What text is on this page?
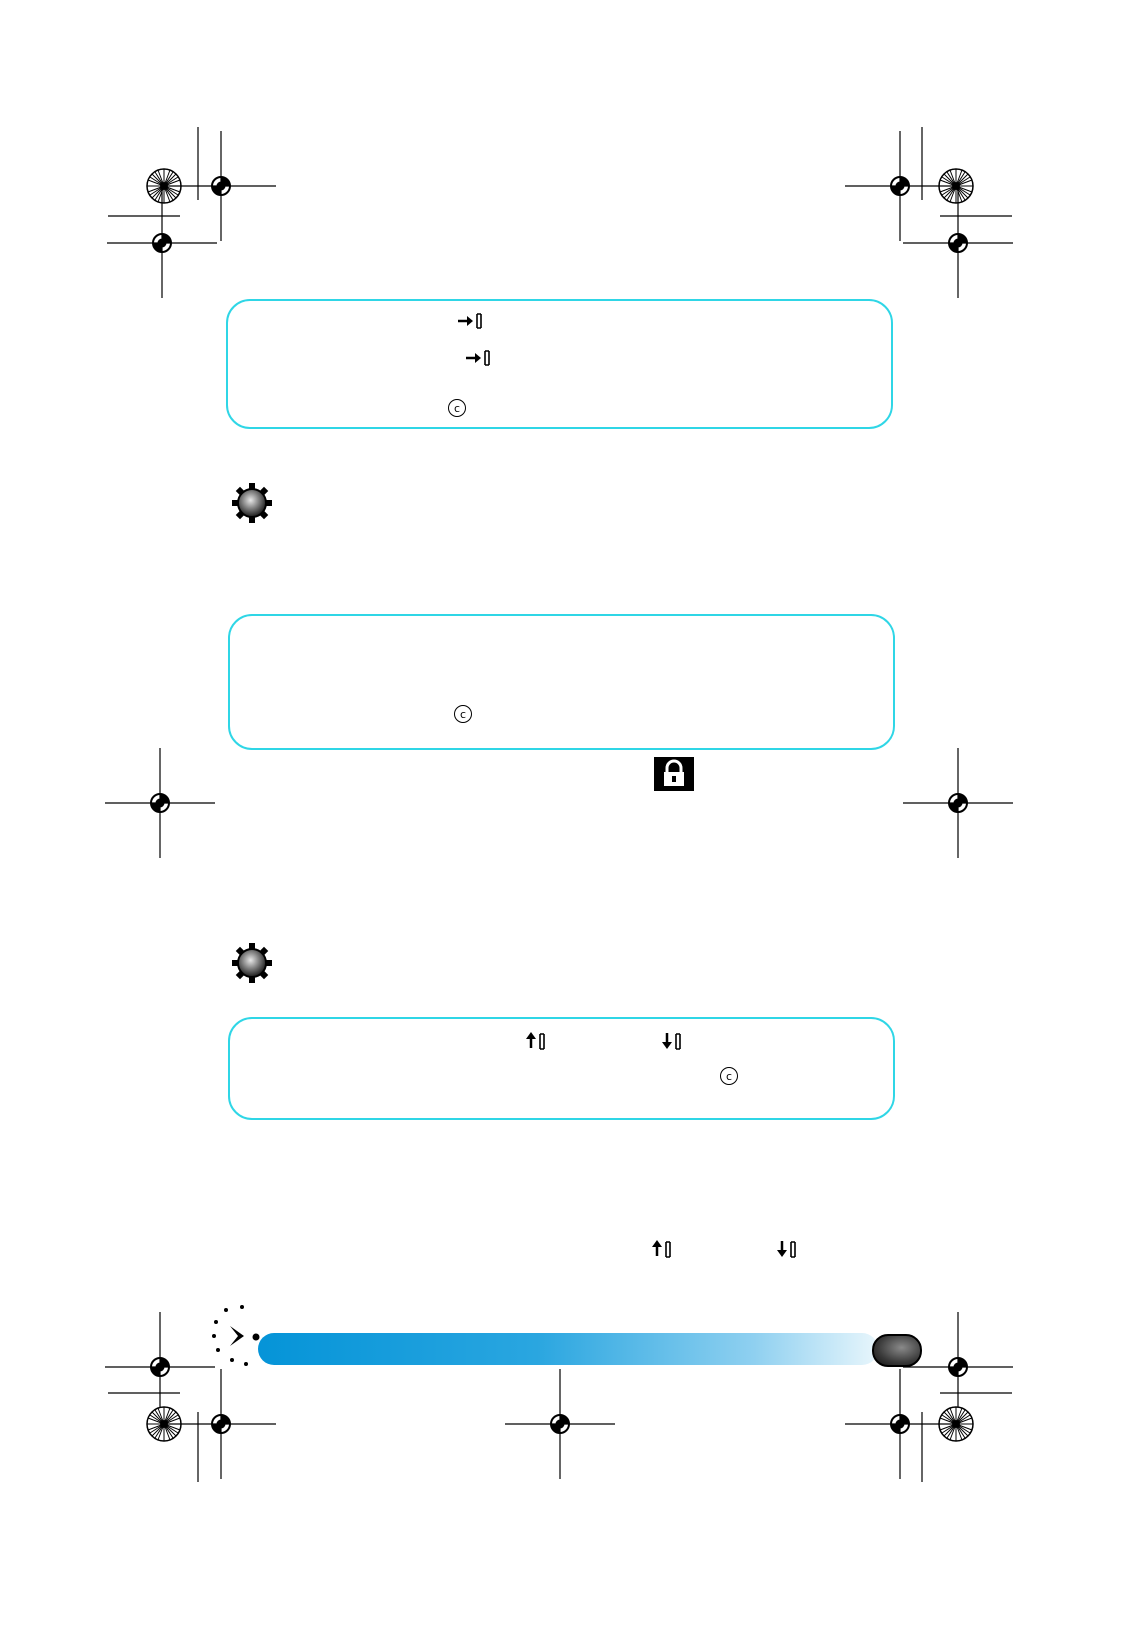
c
c
c
